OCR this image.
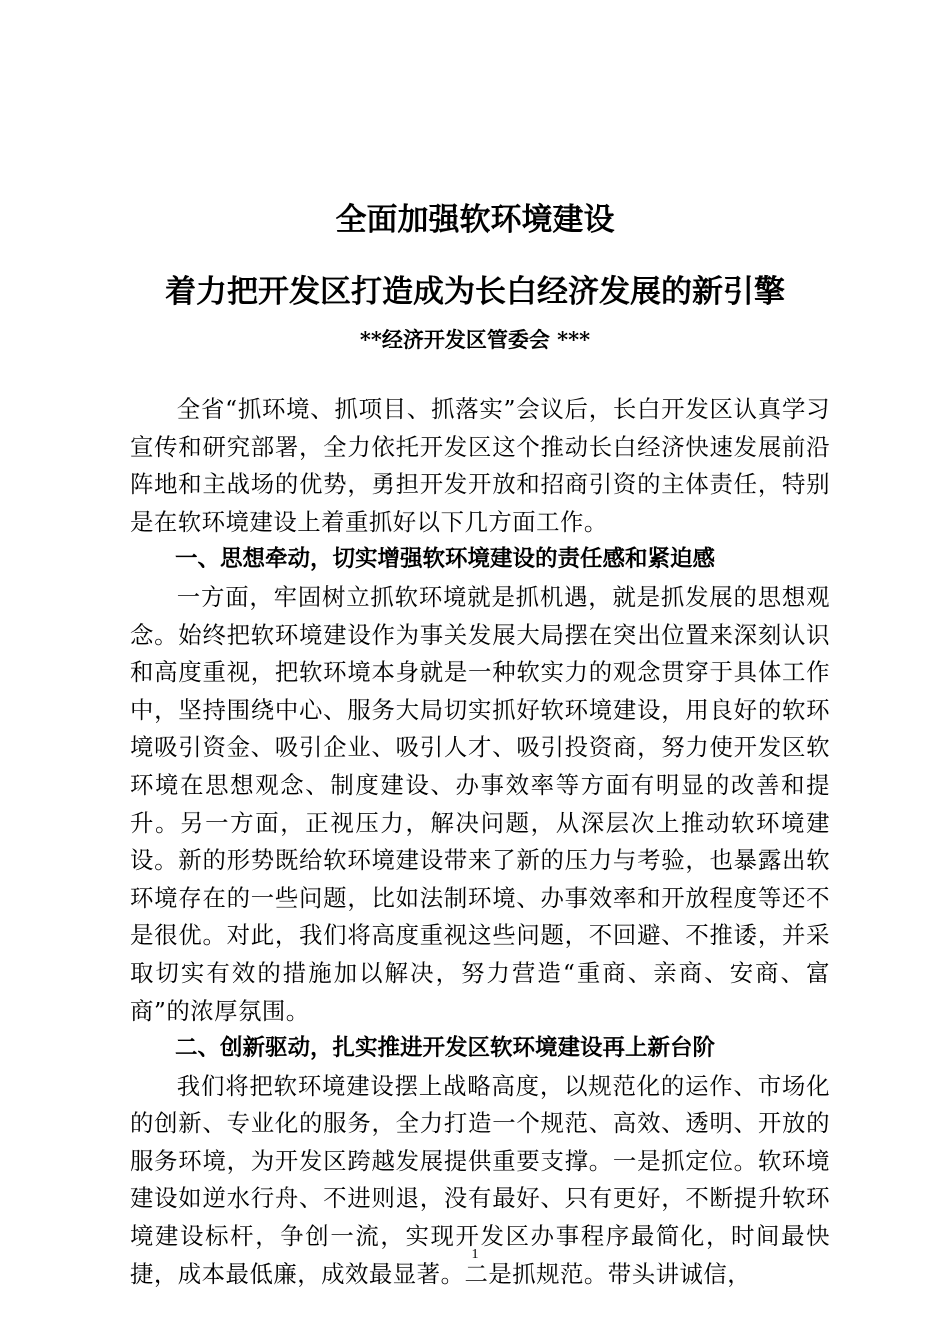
全面加强软环境建设
着力把开发区打造成为长白经济发展的新引擎
**经济开发区管委会 ***

全省“抓环境、抓项目、抓落实”会议后，长白开发区认真学习宣传和研究部署，全力依托开发区这个推动长白经济快速发展前沿阵地和主战场的优势，勇担开发开放和招商引资的主体责任，特别是在软环境建设上着重抓好以下几方面工作。

一、思想牵动，切实增强软环境建设的责任感和紧迫感

一方面，牢固树立抓软环境就是抓机遇，就是抓发展的思想观念。始终把软环境建设作为事关发展大局摆在突出位置来深刻认识和高度重视，把软环境本身就是一种软实力的观念贯穿于具体工作中，坚持围绕中心、服务大局切实抓好软环境建设，用良好的软环境吸引资金、吸引企业、吸引人才、吸引投资商，努力使开发区软环境在思想观念、制度建设、办事效率等方面有明显的改善和提升。另一方面，正视压力，解决问题，从深层次上推动软环境建设。新的形势既给软环境建设带来了新的压力与考验，也暴露出软环境存在的一些问题，比如法制环境、办事效率和开放程度等还不是很优。对此，我们将高度重视这些问题，不回避、不推诿，并采取切实有效的措施加以解决，努力营造“重商、亲商、安商、富商”的浓厚氛围。

二、创新驱动，扎实推进开发区软环境建设再上新台阶

我们将把软环境建设摆上战略高度，以规范化的运作、市场化的创新、专业化的服务，全力打造一个规范、高效、透明、开放的服务环境，为开发区跨越发展提供重要支撑。一是抓定位。软环境建设如逆水行舟、不进则退，没有最好、只有更好，不断提升软环境建设标杆，争创一流，实现开发区办事程序最简化，时间最快捷，成本最低廉，成效最显著。二是抓规范。带头讲诚信，

1
